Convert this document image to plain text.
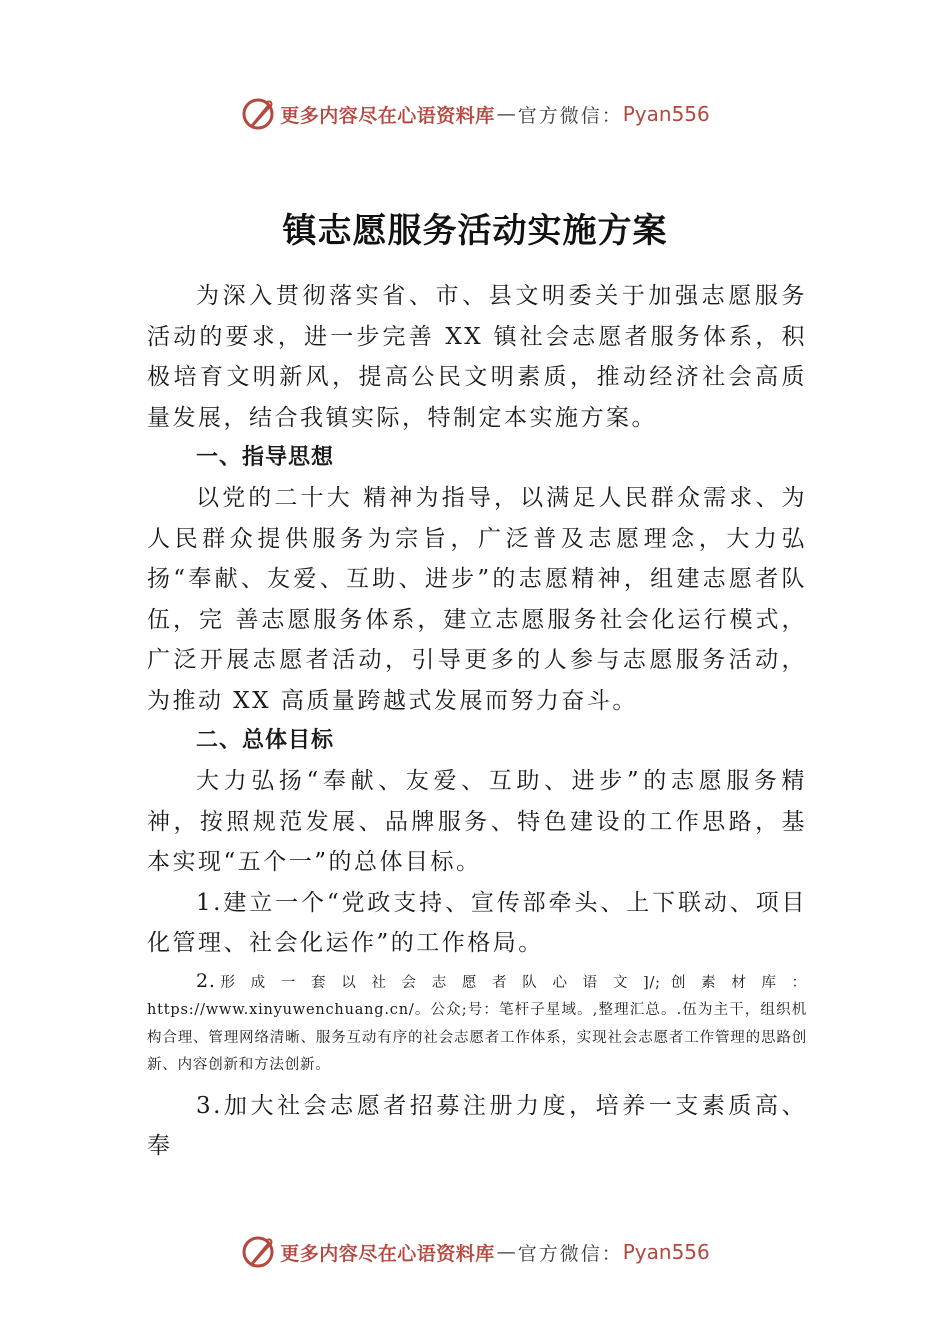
更多内容尽在心语资料库 — 官方微信： Pyan556
镇志愿服务活动实施方案

为深入贯彻落实省、市、县文明委关于加强志愿服务活动的要求，进一步完善 XX 镇社会志愿者服务体系，积极培育文明新风，提高公民文明素质，推动经济社会高质量发展，结合我镇实际，特制定本实施方案。

一、指导思想

以党的二十大 精神为指导，以满足人民群众需求、为人民群众提供服务为宗旨，广泛普及志愿理念，大力弘扬“奉献、友爱、互助、进步”的志愿精神，组建志愿者队伍，完 善志愿服务体系，建立志愿服务社会化运行模式，广泛开展志愿者活动，引导更多的人参与志愿服务活动，为推动 XX 高质量跨越式发展而努力奋斗。

二、总体目标

大力弘扬“奉献、友爱、互助、进步”的志愿服务精神，按照规范发展、品牌服务、特色建设的工作思路，基本实现“五个一”的总体目标。

1.建立一个“党政支持、宣传部牵头、上下联动、项目化管理、社会化运作”的工作格局。

2.形 成 一 套 以 社 会 志 愿 者 队 心 语 文 ]/; 创 素 材 库 ： https://www.xinyuwenchuang.cn/。公众;号：笔杆子星域。,整理汇总。.伍为主干，组织机构合理、管理网络清晰、服务互动有序的社会志愿者工作体系，实现社会志愿者工作管理的思路创新、内容创新和方法创新。

3.加大社会志愿者招募注册力度，培养一支素质高、奉

更多内容尽在心语资料库 — 官方微信： Pyan556
